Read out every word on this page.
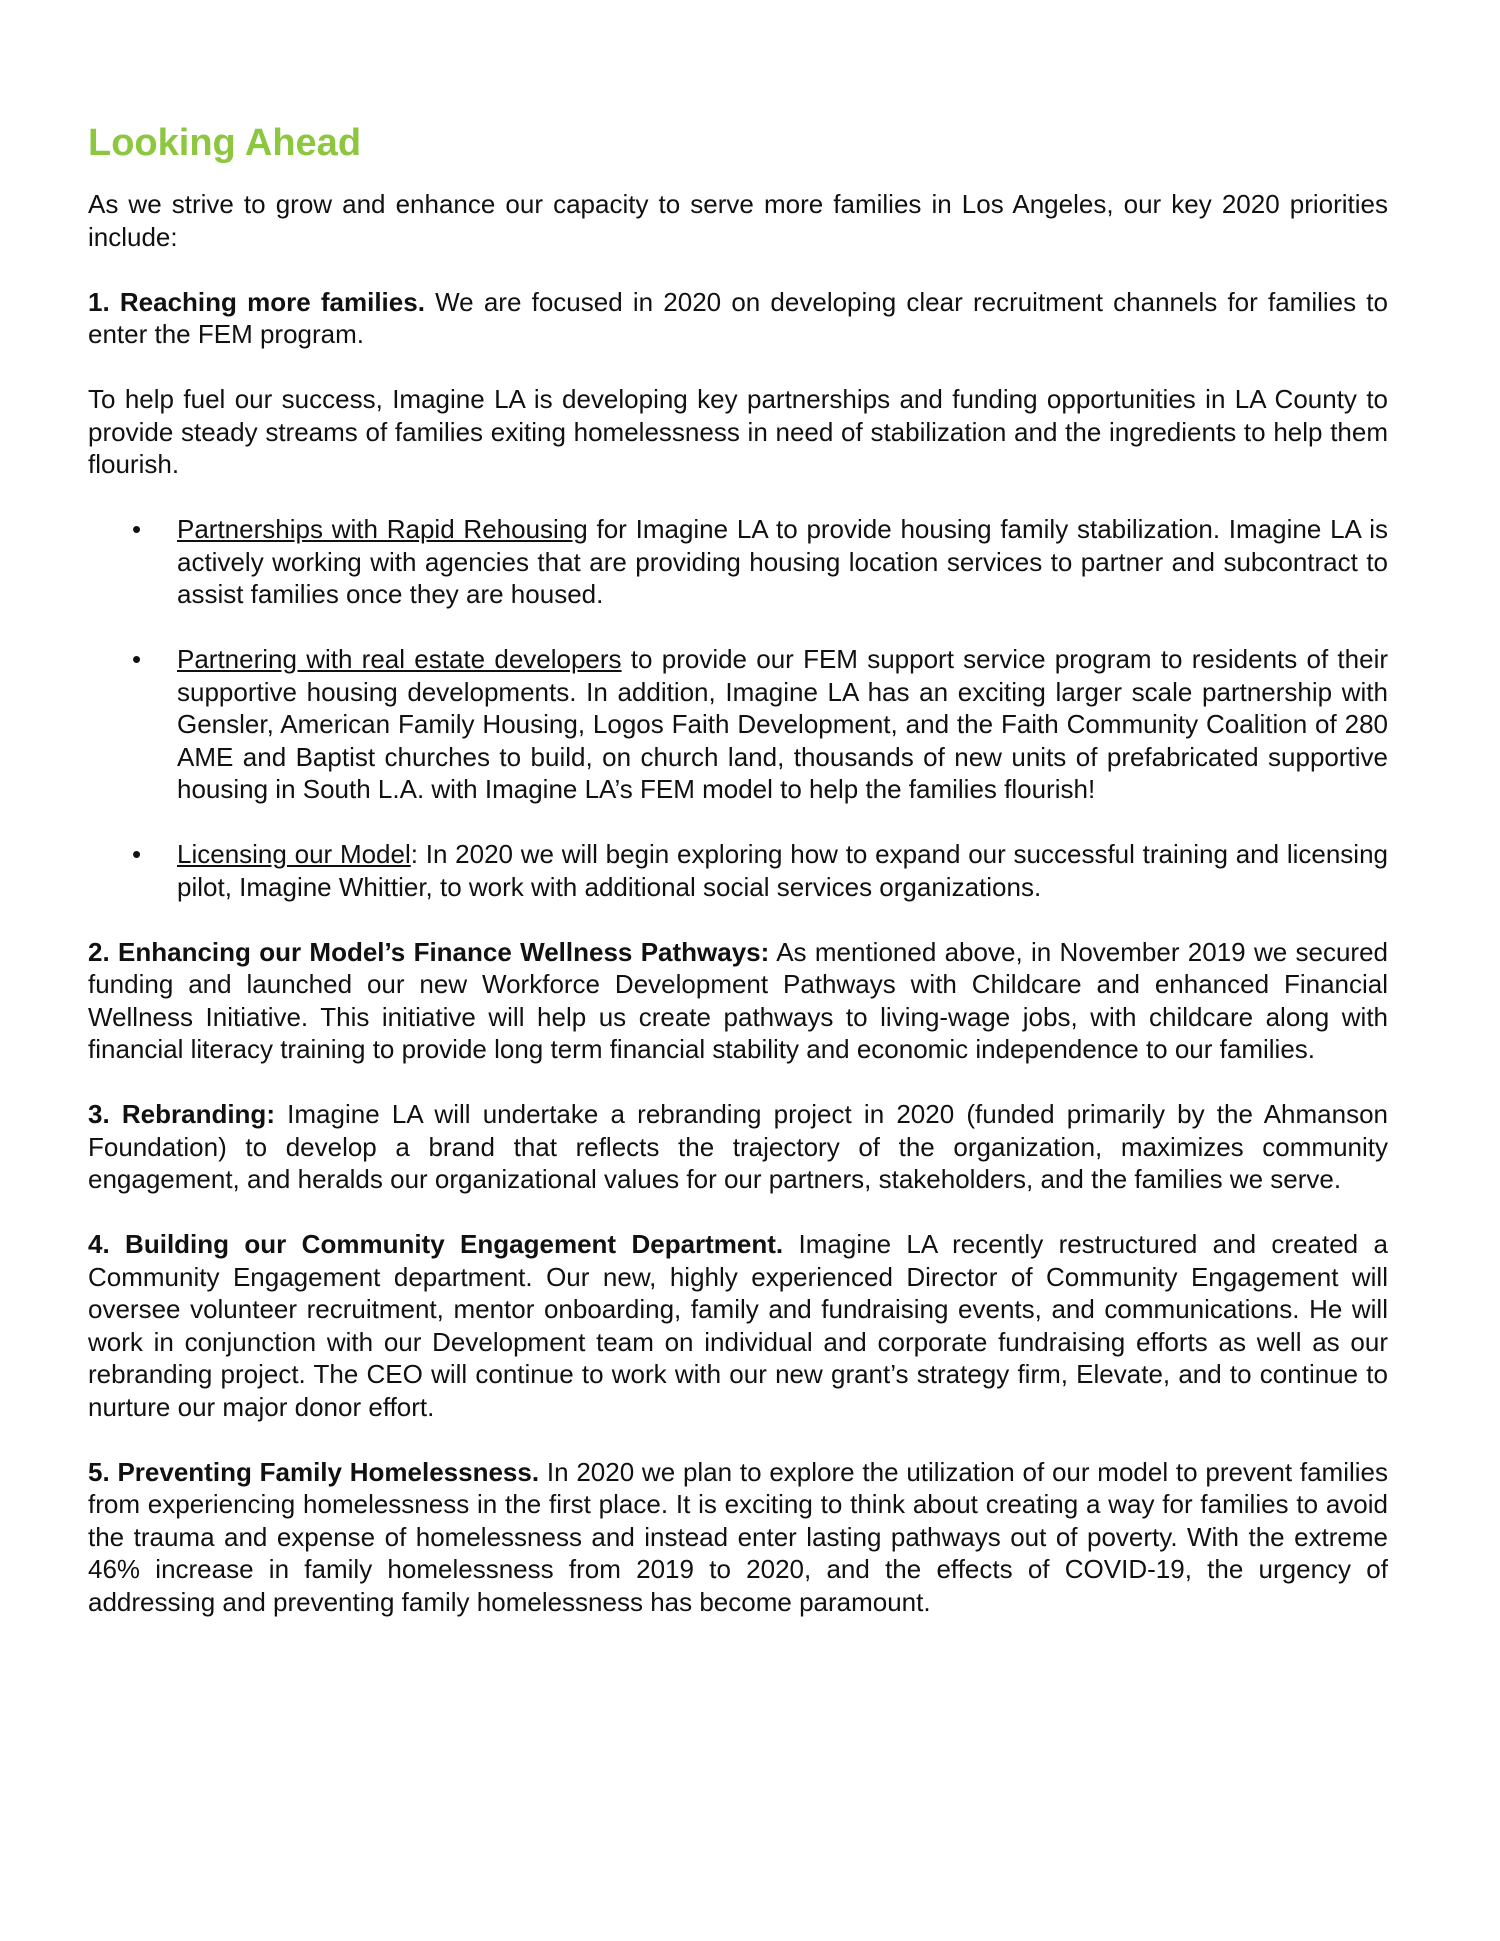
Looking Ahead

As we strive to grow and enhance our capacity to serve more families in Los Angeles, our key 2020 priorities include:

1. Reaching more families. We are focused in 2020 on developing clear recruitment channels for families to enter the FEM program.

To help fuel our success, Imagine LA is developing key partnerships and funding opportunities in LA County to provide steady streams of families exiting homelessness in need of stabilization and the ingredients to help them flourish.

• Partnerships with Rapid Rehousing for Imagine LA to provide housing family stabilization. Imagine LA is actively working with agencies that are providing housing location services to partner and subcontract to assist families once they are housed.
• Partnering with real estate developers to provide our FEM support service program to residents of their supportive housing developments. In addition, Imagine LA has an exciting larger scale partnership with Gensler, American Family Housing, Logos Faith Development, and the Faith Community Coalition of 280 AME and Baptist churches to build, on church land, thousands of new units of prefabricated supportive housing in South L.A. with Imagine LA’s FEM model to help the families flourish!
• Licensing our Model: In 2020 we will begin exploring how to expand our successful training and licensing pilot, Imagine Whittier, to work with additional social services organizations.

2. Enhancing our Model’s Finance Wellness Pathways: As mentioned above, in November 2019 we secured funding and launched our new Workforce Development Pathways with Childcare and enhanced Financial Wellness Initiative. This initiative will help us create pathways to living-wage jobs, with childcare along with financial literacy training to provide long term financial stability and economic independence to our families.

3. Rebranding: Imagine LA will undertake a rebranding project in 2020 (funded primarily by the Ahmanson Foundation) to develop a brand that reflects the trajectory of the organization, maximizes community engagement, and heralds our organizational values for our partners, stakeholders, and the families we serve.

4. Building our Community Engagement Department. Imagine LA recently restructured and created a Community Engagement department. Our new, highly experienced Director of Community Engagement will oversee volunteer recruitment, mentor onboarding, family and fundraising events, and communications. He will work in conjunction with our Development team on individual and corporate fundraising efforts as well as our rebranding project. The CEO will continue to work with our new grant’s strategy firm, Elevate, and to continue to nurture our major donor effort.

5. Preventing Family Homelessness. In 2020 we plan to explore the utilization of our model to prevent families from experiencing homelessness in the first place. It is exciting to think about creating a way for families to avoid the trauma and expense of homelessness and instead enter lasting pathways out of poverty. With the extreme 46% increase in family homelessness from 2019 to 2020, and the effects of COVID-19, the urgency of addressing and preventing family homelessness has become paramount.
